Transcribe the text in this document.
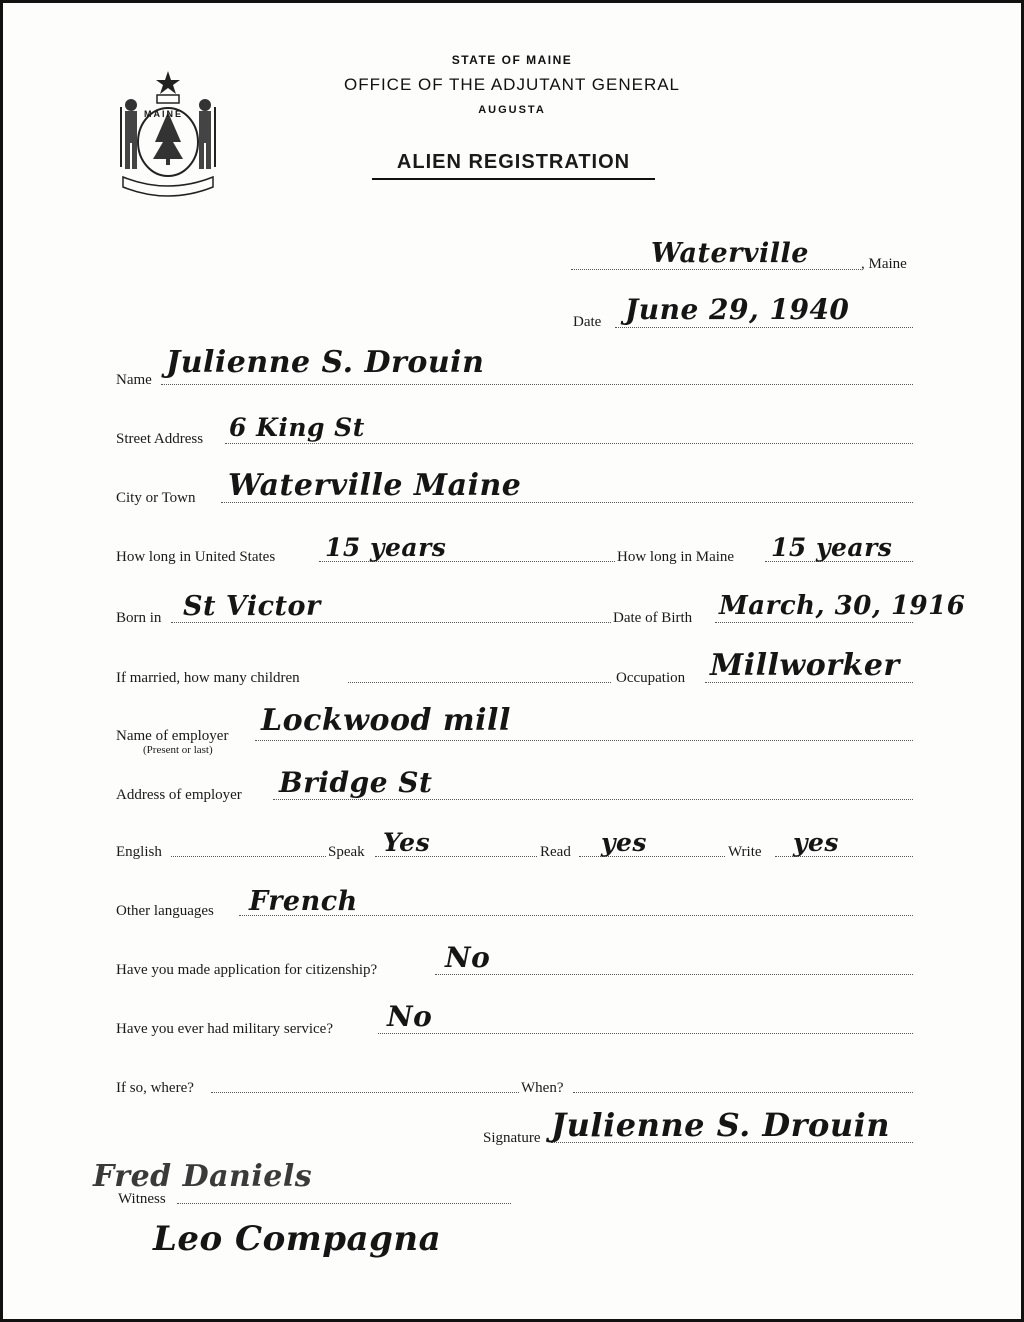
MAINE
STATE OF MAINE
OFFICE OF THE ADJUTANT GENERAL
AUGUSTA
ALIEN REGISTRATION
Waterville	, Maine
Date June 29, 1940
Name Julienne S. Drouin
Street Address 6 King St
City or Town Waterville Maine
How long in United States 15 years	How long in Maine 15 years
Born in St Victor	Date of Birth March, 30, 1916
If married, how many children	Occupation Millworker
Name of employer
(Present or last)
Lockwood mill
Address of employer Bridge St
English	Speak Yes	Read yes	Write yes
Other languages French
Have you made application for citizenship? No
Have you ever had military service? No
If so, where?	When?
Signature Julienne S. Drouin
Witness
Fred Daniels
Leo Compagna
